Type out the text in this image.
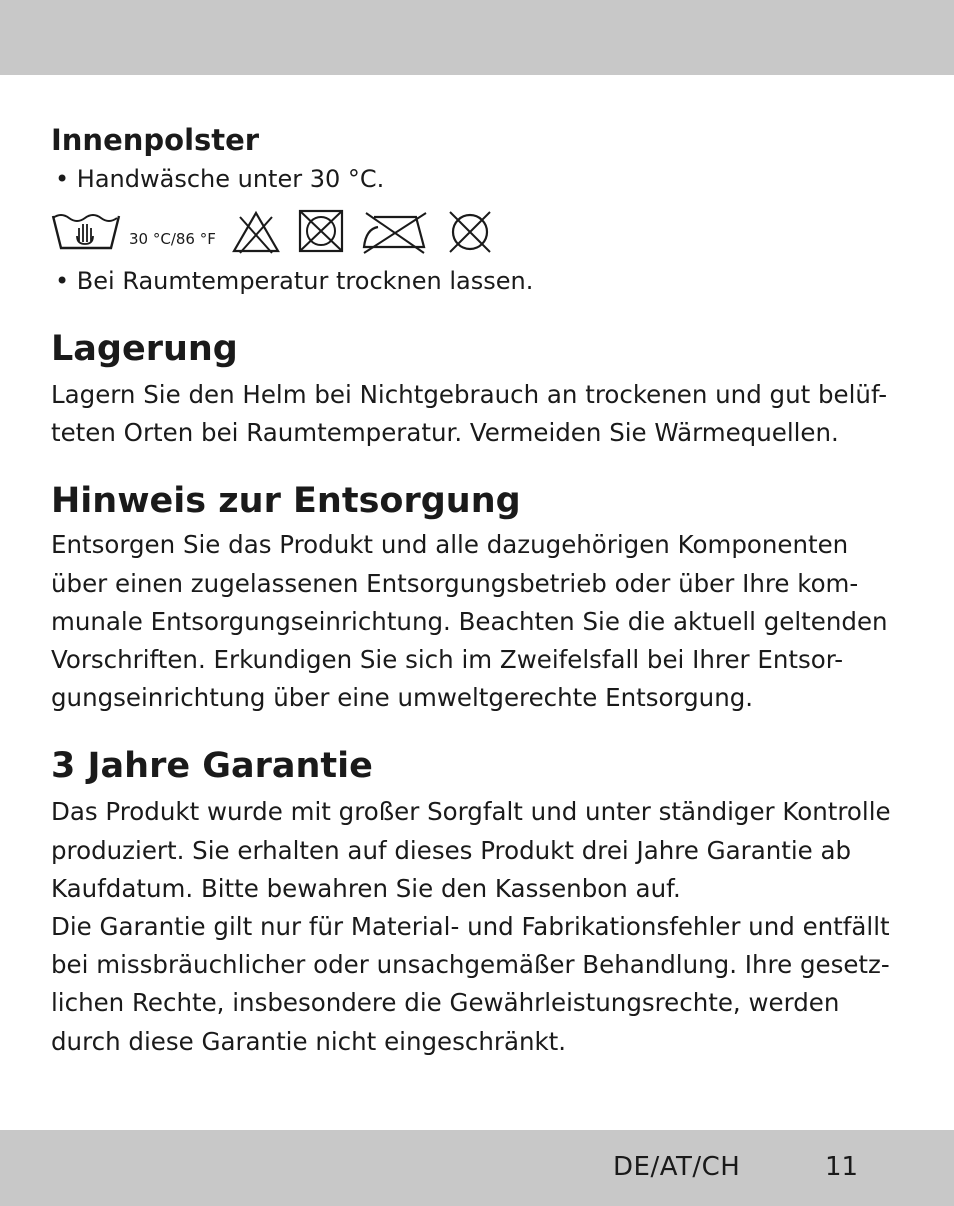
Innenpolster

• Handwäsche unter 30 °C.

30 °C/86 °F

• Bei Raumtemperatur trocknen lassen.

Lagerung

Lagern Sie den Helm bei Nichtgebrauch an trockenen und gut belüf-

teten Orten bei Raumtemperatur. Vermeiden Sie Wärmequellen.

Hinweis zur Entsorgung

Entsorgen Sie das Produkt und alle dazugehörigen Komponenten

über einen zugelassenen Entsorgungsbetrieb oder über Ihre kom-

munale Entsorgungseinrichtung. Beachten Sie die aktuell geltenden

Vorschriften. Erkundigen Sie sich im Zweifelsfall bei Ihrer Entsor-

gungseinrichtung über eine umweltgerechte Entsorgung.

3 Jahre Garantie

Das Produkt wurde mit großer Sorgfalt und unter ständiger Kontrolle

produziert. Sie erhalten auf dieses Produkt drei Jahre Garantie ab

Kaufdatum. Bitte bewahren Sie den Kassenbon auf.

Die Garantie gilt nur für Material- und Fabrikationsfehler und entfällt

bei missbräuchlicher oder unsachgemäßer Behandlung. Ihre gesetz-

lichen Rechte, insbesondere die Gewährleistungsrechte, werden

durch diese Garantie nicht eingeschränkt.

DE/AT/CH	11
